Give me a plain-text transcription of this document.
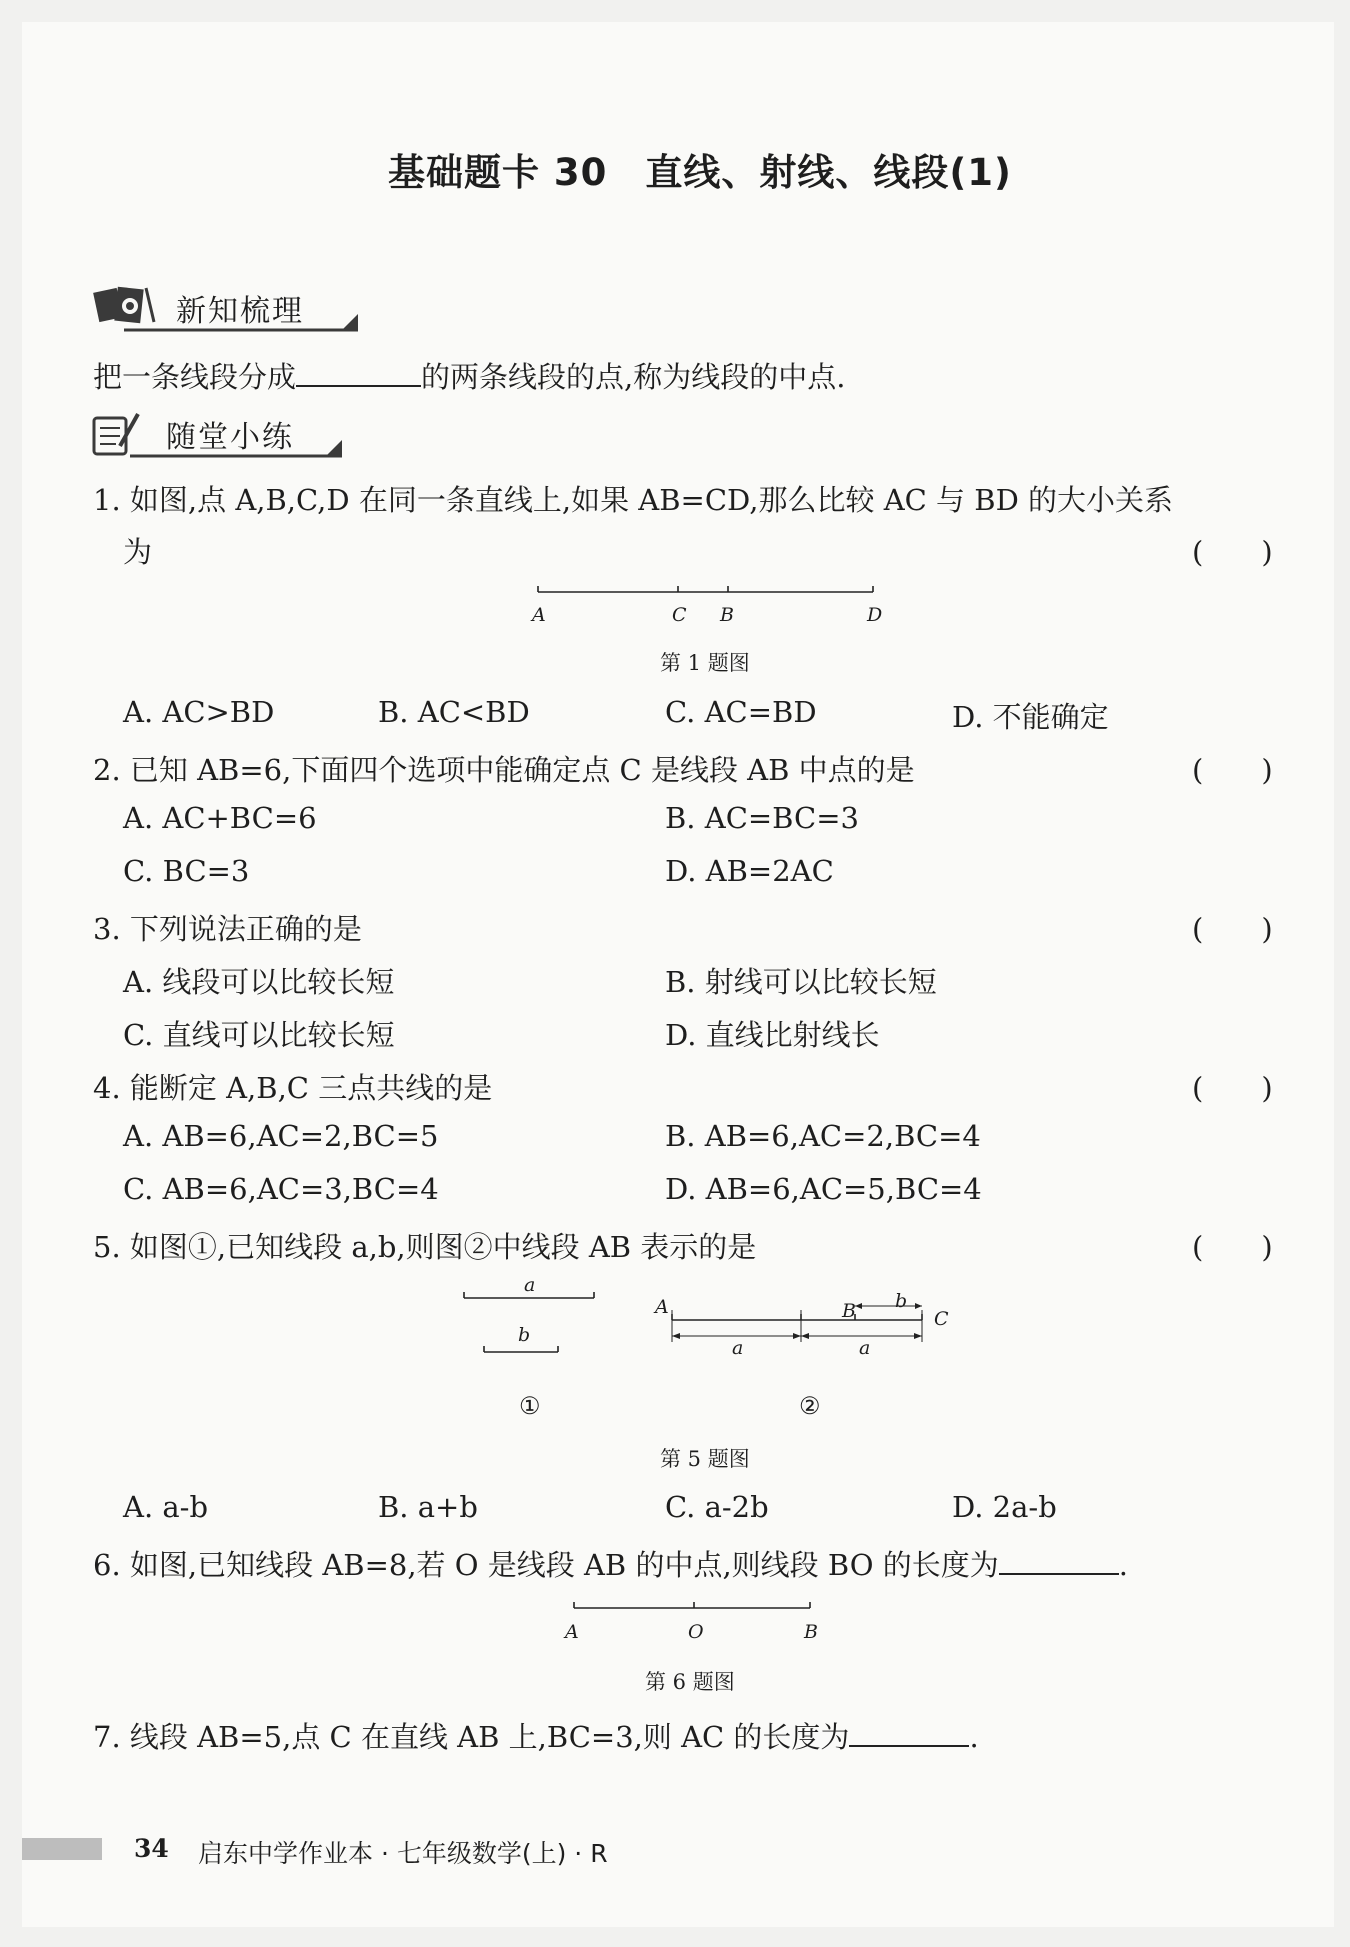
基础题卡 30　直线、射线、线段(1)
新知梳理
把一条线段分成	的两条线段的点,称为线段的中点.
随堂小练
1. 如图,点 A,B,C,D 在同一条直线上,如果 AB=CD,那么比较 AC 与 BD 的大小关系
为	(　　)
A	C B	D
第 1 题图
A. AC>BD	B. AC<BD	C. AC=BD	D. 不能确定
2. 已知 AB=6,下面四个选项中能确定点 C 是线段 AB 中点的是	(　　)
A. AC+BC=6	B. AC=BC=3
C. BC=3	D. AB=2AC
3. 下列说法正确的是	(　　)
A. 线段可以比较长短	B. 射线可以比较长短
C. 直线可以比较长短	D. 直线比射线长
4. 能断定 A,B,C 三点共线的是	(　　)
A. AB=6,AC=2,BC=5	B. AB=6,AC=2,BC=4
C. AB=6,AC=3,BC=4	D. AB=6,AC=5,BC=4
5. 如图①,已知线段 a,b,则图②中线段 AB 表示的是	(　　)
a
b
A	B b
C
a	a
①	②
第 5 题图
A. a-b	B. a+b	C. a-2b	D. 2a-b
6. 如图,已知线段 AB=8,若 O 是线段 AB 的中点,则线段 BO 的长度为	.
A	O	B
第 6 题图
7. 线段 AB=5,点 C 在直线 AB 上,BC=3,则 AC 的长度为	.
34 启东中学作业本 · 七年级数学(上) · R
